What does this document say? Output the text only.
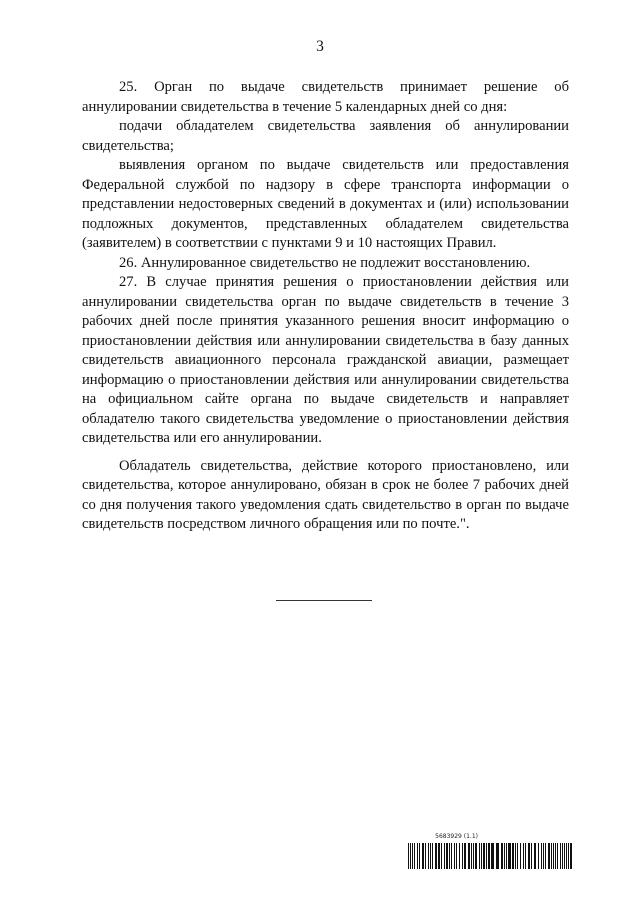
3

25. Орган по выдаче свидетельств принимает решение об аннулировании свидетельства в течение 5 календарных дней со дня:

подачи обладателем свидетельства заявления об аннулировании свидетельства;

выявления органом по выдаче свидетельств или предоставления Федеральной службой по надзору в сфере транспорта информации о представлении недостоверных сведений в документах и (или) использовании подложных документов, представленных обладателем свидетельства (заявителем) в соответствии с пунктами 9 и 10 настоящих Правил.

26. Аннулированное свидетельство не подлежит восстановлению.

27. В случае принятия решения о приостановлении действия или аннулировании свидетельства орган по выдаче свидетельств в течение 3 рабочих дней после принятия указанного решения вносит информацию о приостановлении действия или аннулировании свидетельства в базу данных свидетельств авиационного персонала гражданской авиации, размещает информацию о приостановлении действия или аннулировании свидетельства на официальном сайте органа по выдаче свидетельств и направляет обладателю такого свидетельства уведомление о приостановлении действия свидетельства или его аннулировании.

Обладатель свидетельства, действие которого приостановлено, или свидетельства, которое аннулировано, обязан в срок не более 7 рабочих дней со дня получения такого уведомления сдать свидетельство в орган по выдаче свидетельств посредством личного обращения или по почте.".

5683929 (1.1)
